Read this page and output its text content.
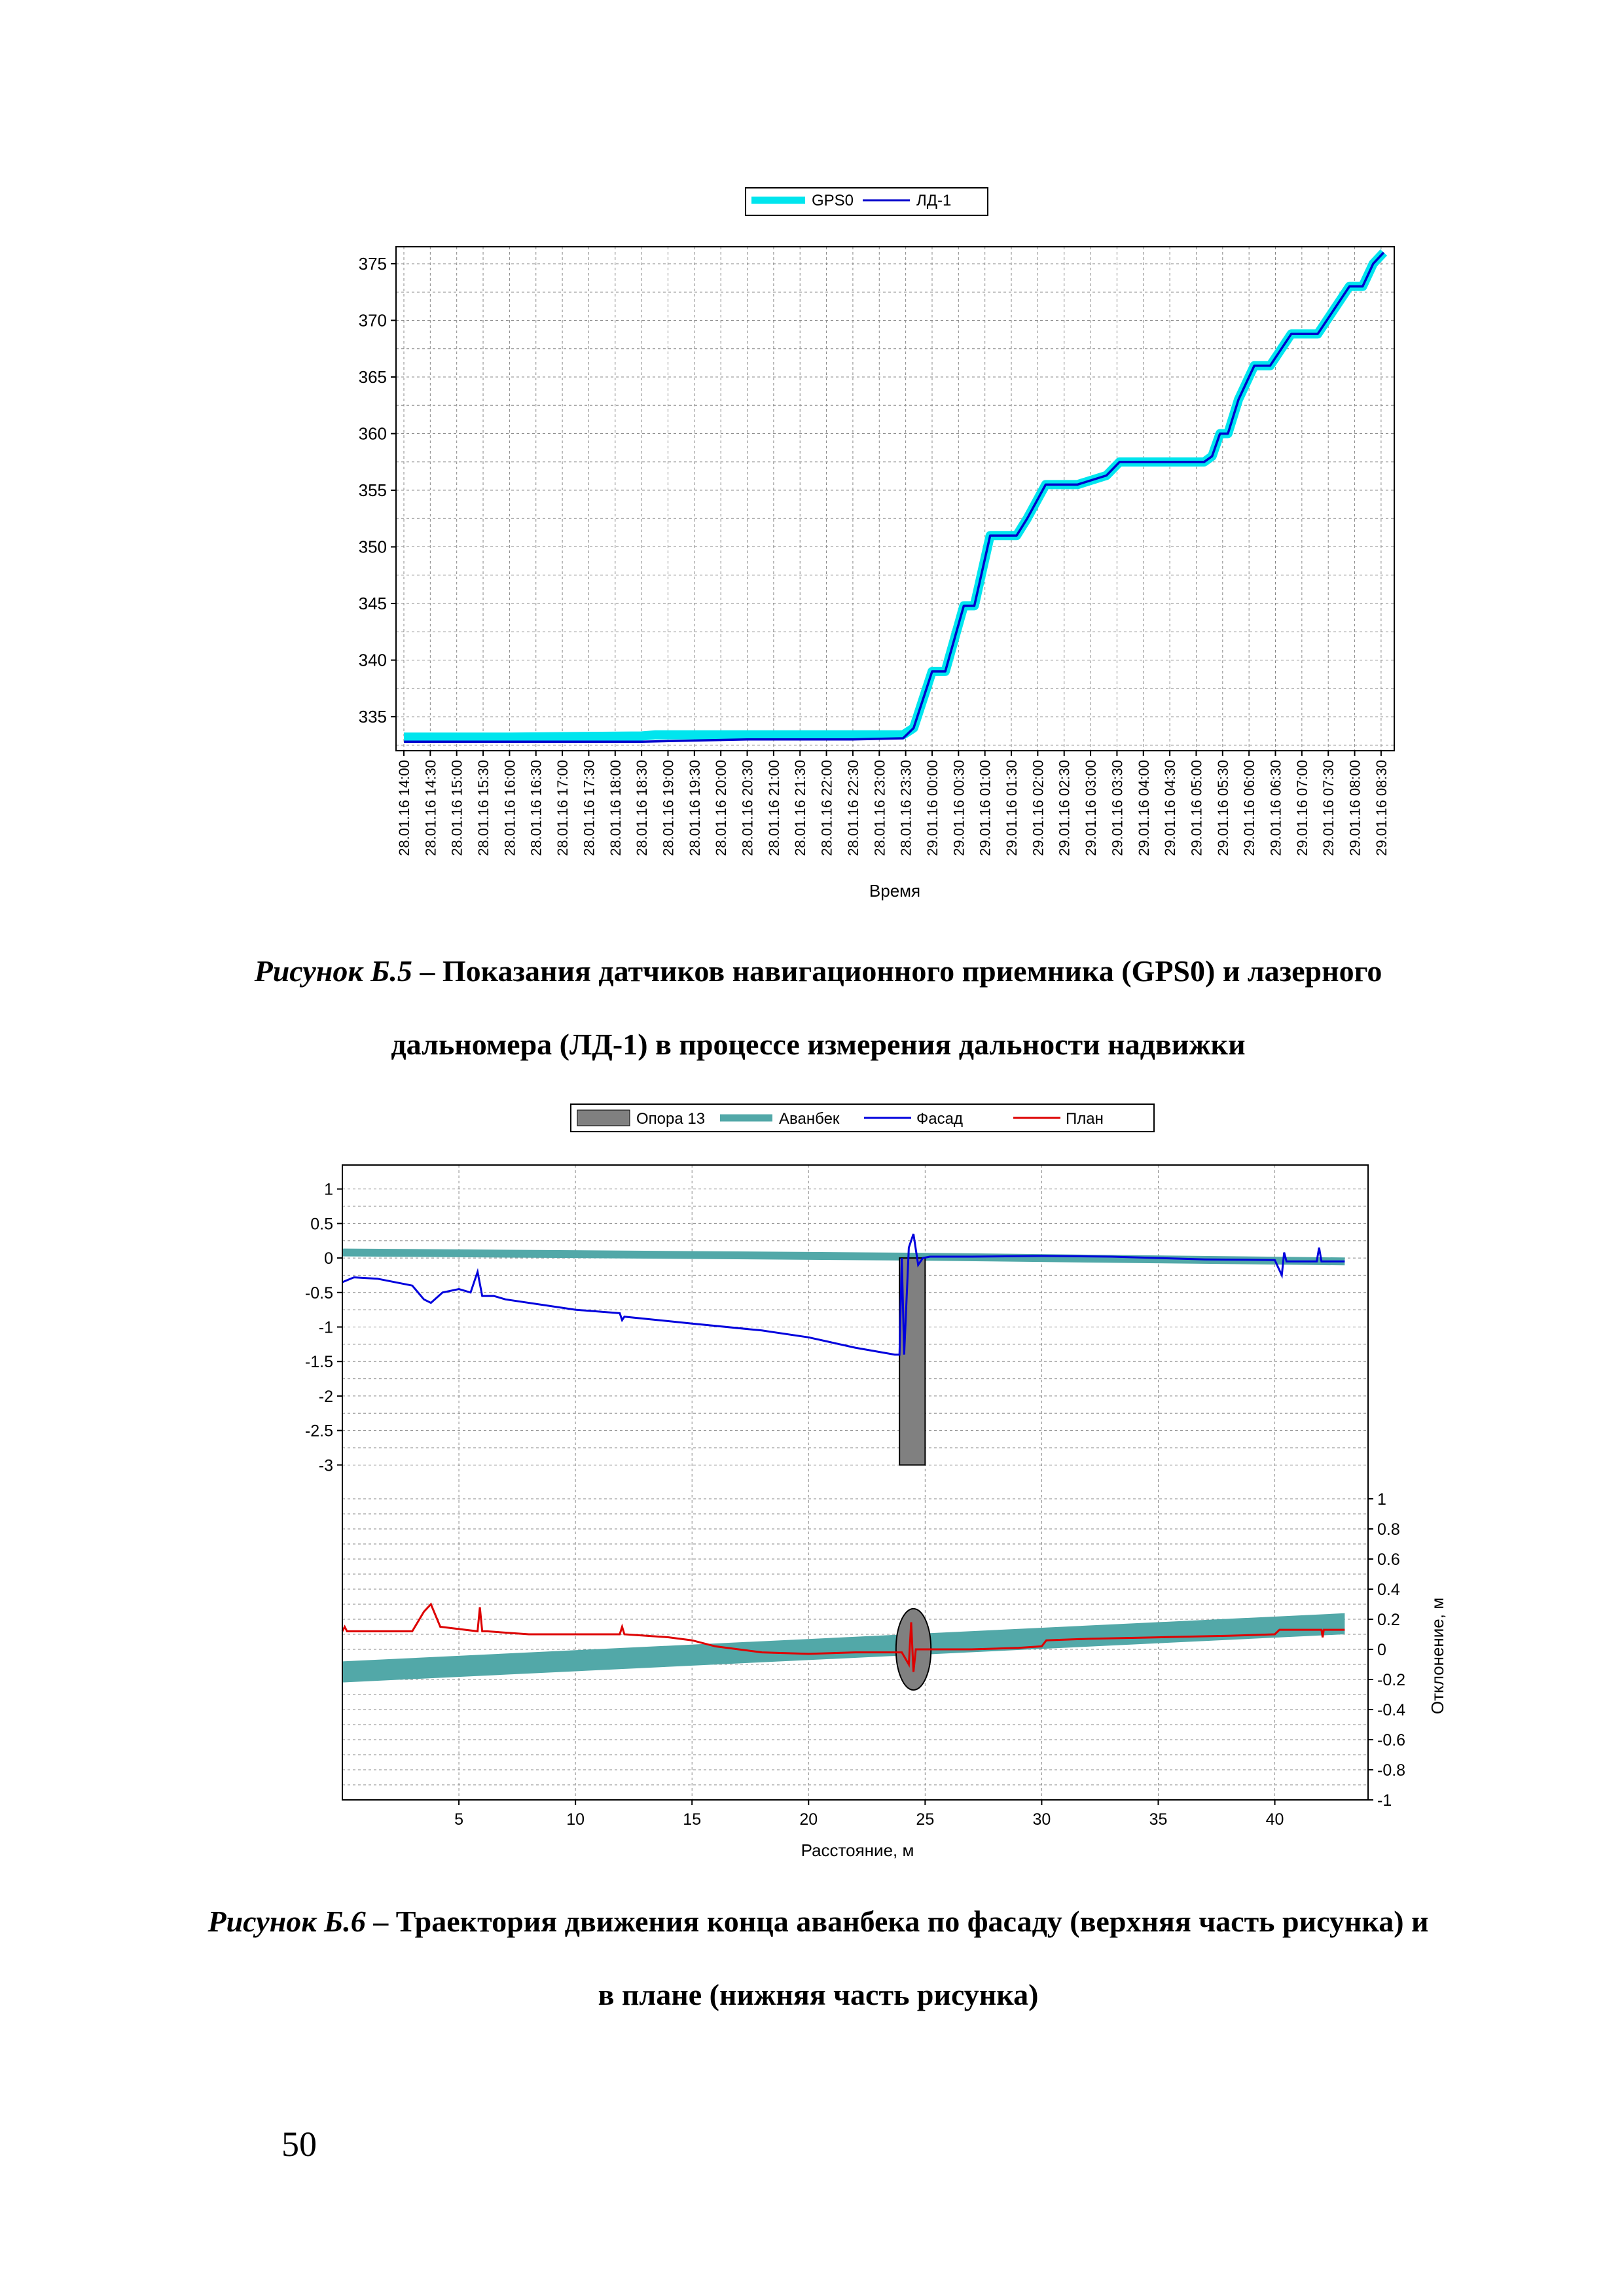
GPS0	ЛД-1
335
340
345
350
355
360
365
370
375
28.01.16 14:00 28.01.16 14:30 28.01.16 15:00 28.01.16 15:30 28.01.16 16:00 28.01.16 16:30 28.01.16 17:00 28.01.16 17:30 28.01.16 18:00 28.01.16 18:30 28.01.16 19:00 28.01.16 19:30 28.01.16 20:00 28.01.16 20:30 28.01.16 21:00 28.01.16 21:30 28.01.16 22:00 28.01.16 22:30 28.01.16 23:00 28.01.16 23:30 29.01.16 00:00 29.01.16 00:30 29.01.16 01:00 29.01.16 01:30 29.01.16 02:00 29.01.16 02:30 29.01.16 03:00 29.01.16 03:30 29.01.16 04:00 29.01.16 04:30 29.01.16 05:00 29.01.16 05:30 29.01.16 06:00 29.01.16 06:30 29.01.16 07:00 29.01.16 07:30 29.01.16 08:00 29.01.16 08:30
Время
Рисунок Б.5 – Показания датчиков навигационного приемника (GPS0) и лазерного дальномера (ЛД-1) в процессе измерения дальности надвижки
Опора 13	Аванбек	Фасад	План
1
0.5
0
-0.5
-1
-1.5
-2
-2.5
-3
1
0.8
0.6
0.4
0.2
0
-0.2
-0.4
-0.6
-0.8
-1
5	10	15	20	25	30	35	40
Расстояние, м
Отклонение, м
Рисунок Б.6 – Траектория движения конца аванбека по фасаду (верхняя часть рисунка) и в плане (нижняя часть рисунка)
50
